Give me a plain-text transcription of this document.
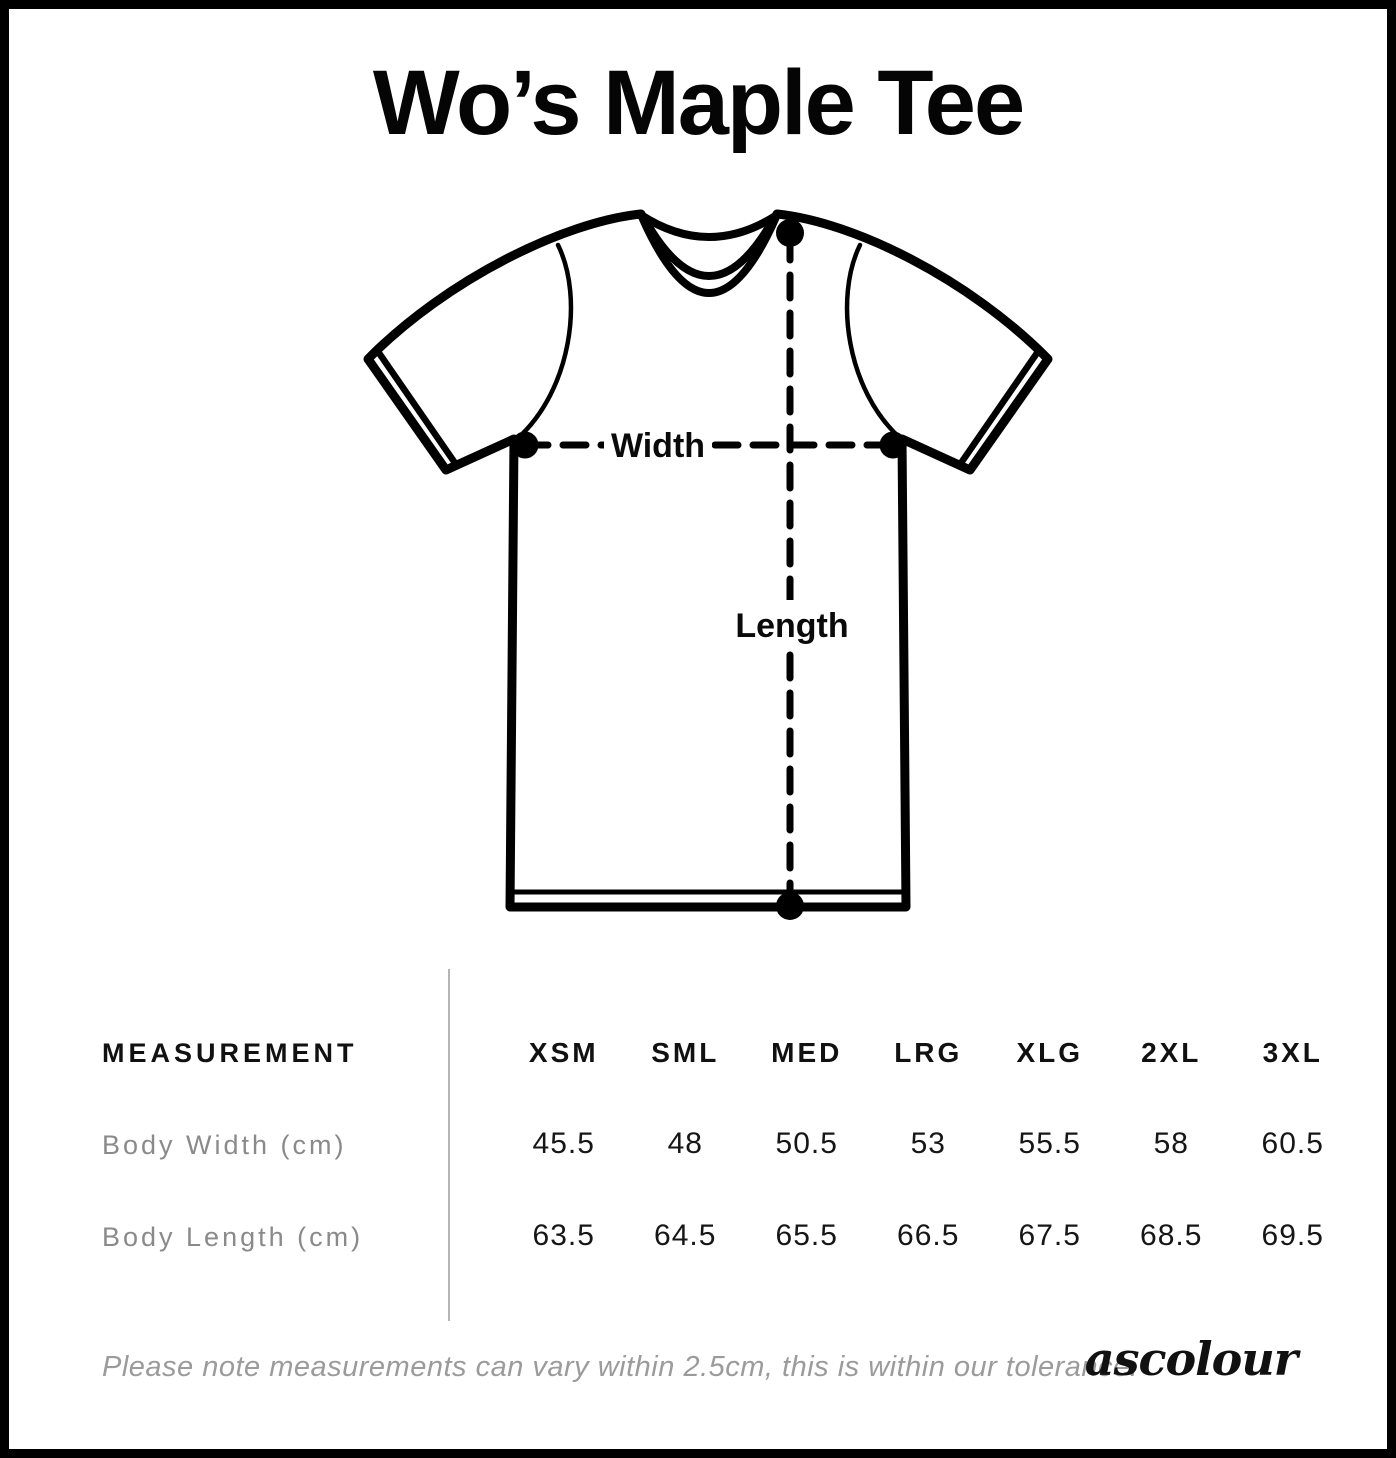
Wo’s Maple Tee
Width
Length
MEASUREMENT	XSM	SML	MED	LRG	XLG	2XL	3XL
Body Width (cm)	45.5	48	50.5	53	55.5	58	60.5
Body Length (cm)	63.5	64.5	65.5	66.5	67.5	68.5	69.5
Please note measurements can vary within 2.5cm, this is within our tolerance.
ascolour
